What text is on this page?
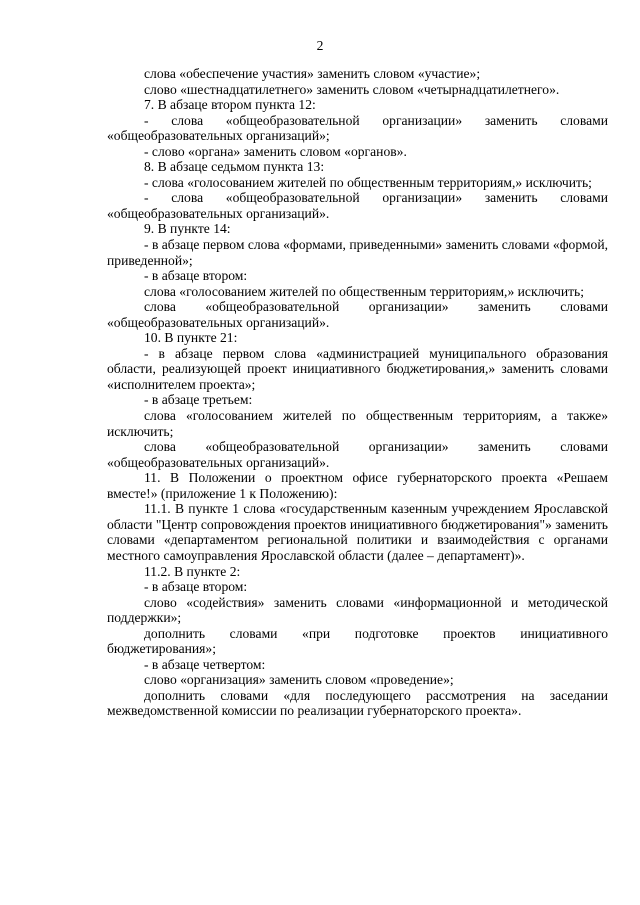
2

слова «обеспечение участия» заменить словом «участие»;

слово «шестнадцатилетнего» заменить словом «четырнадцатилетнего».

7. В абзаце втором пункта 12:

- слова «общеобразовательной организации» заменить словами «общеобразовательных организаций»;

- слово «органа» заменить словом «органов».

8. В абзаце седьмом пункта 13:

- слова «голосованием жителей по общественным территориям,» исключить;

- слова «общеобразовательной организации» заменить словами «общеобразовательных организаций».

9. В пункте 14:

- в абзаце первом слова «формами, приведенными» заменить словами «формой, приведенной»;

- в абзаце втором:

слова «голосованием жителей по общественным территориям,» исключить;

слова «общеобразовательной организации» заменить словами «общеобразовательных организаций».

10. В пункте 21:

- в абзаце первом слова «администрацией муниципального образования области, реализующей проект инициативного бюджетирования,» заменить словами «исполнителем проекта»;

- в абзаце третьем:

слова «голосованием жителей по общественным территориям, а также» исключить;

слова «общеобразовательной организации» заменить словами «общеобразовательных организаций».

11. В Положении о проектном офисе губернаторского проекта «Решаем вместе!» (приложение 1 к Положению):

11.1. В пункте 1 слова «государственным казенным учреждением Ярославской области "Центр сопровождения проектов инициативного бюджетирования"» заменить словами «департаментом региональной политики и взаимодействия с органами местного самоуправления Ярославской области (далее – департамент)».

11.2. В пункте 2:

- в абзаце втором:

слово «содействия» заменить словами «информационной и методической поддержки»;

дополнить словами «при подготовке проектов инициативного бюджетирования»;

- в абзаце четвертом:

слово «организация» заменить словом «проведение»;

дополнить словами «для последующего рассмотрения на заседании межведомственной комиссии по реализации губернаторского проекта».
